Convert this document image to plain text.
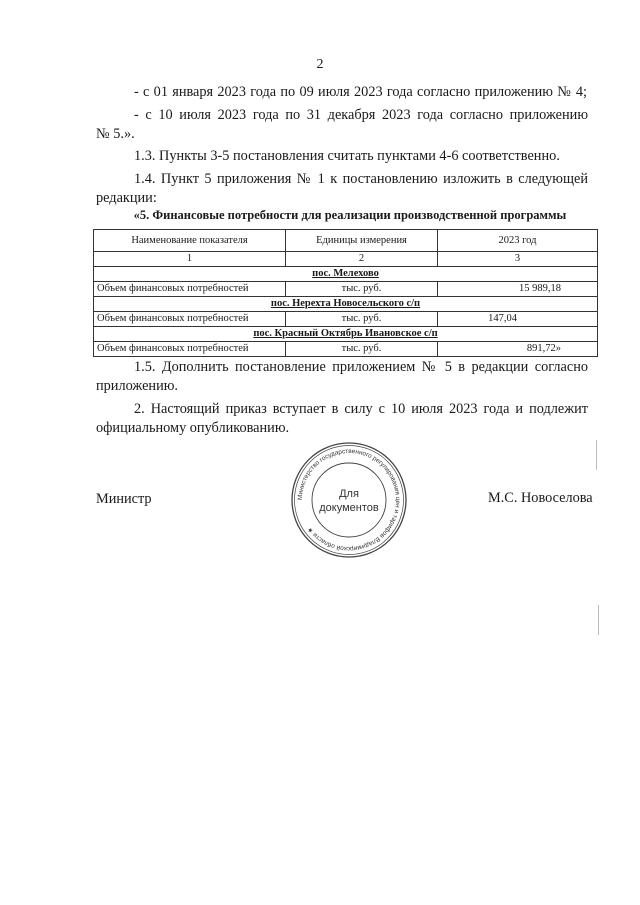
2
- с 01 января 2023 года по 09 июля 2023 года согласно приложению № 4;
- с 10 июля 2023 года по 31 декабря 2023 года согласно приложению
№ 5.».
1.3. Пункты 3-5 постановления считать пунктами 4-6 соответственно.
1.4. Пункт 5 приложения № 1 к постановлению изложить в следующей
редакции:
«5. Финансовые потребности для реализации производственной программы
Наименование показателя	Единицы измерения	2023 год
1	2	3
пос. Мелехово		
Объем финансовых потребностей	тыс. руб.	15 989,18
пос. Нерехта Новосельского с/п		
Объем финансовых потребностей	тыс. руб.	147,04
пос. Красный Октябрь Ивановское с/п		
Объем финансовых потребностей	тыс. руб.	891,72»
1.5. Дополнить постановление приложением № 5 в редакции согласно
приложению.
2. Настоящий приказ вступает в силу с 10 июля 2023 года и подлежит
официальному опубликованию.
Министр	М.С. Новоселова
Министерство государственного регулирования цен и тарифов Владимирской области ★
Для
документов
